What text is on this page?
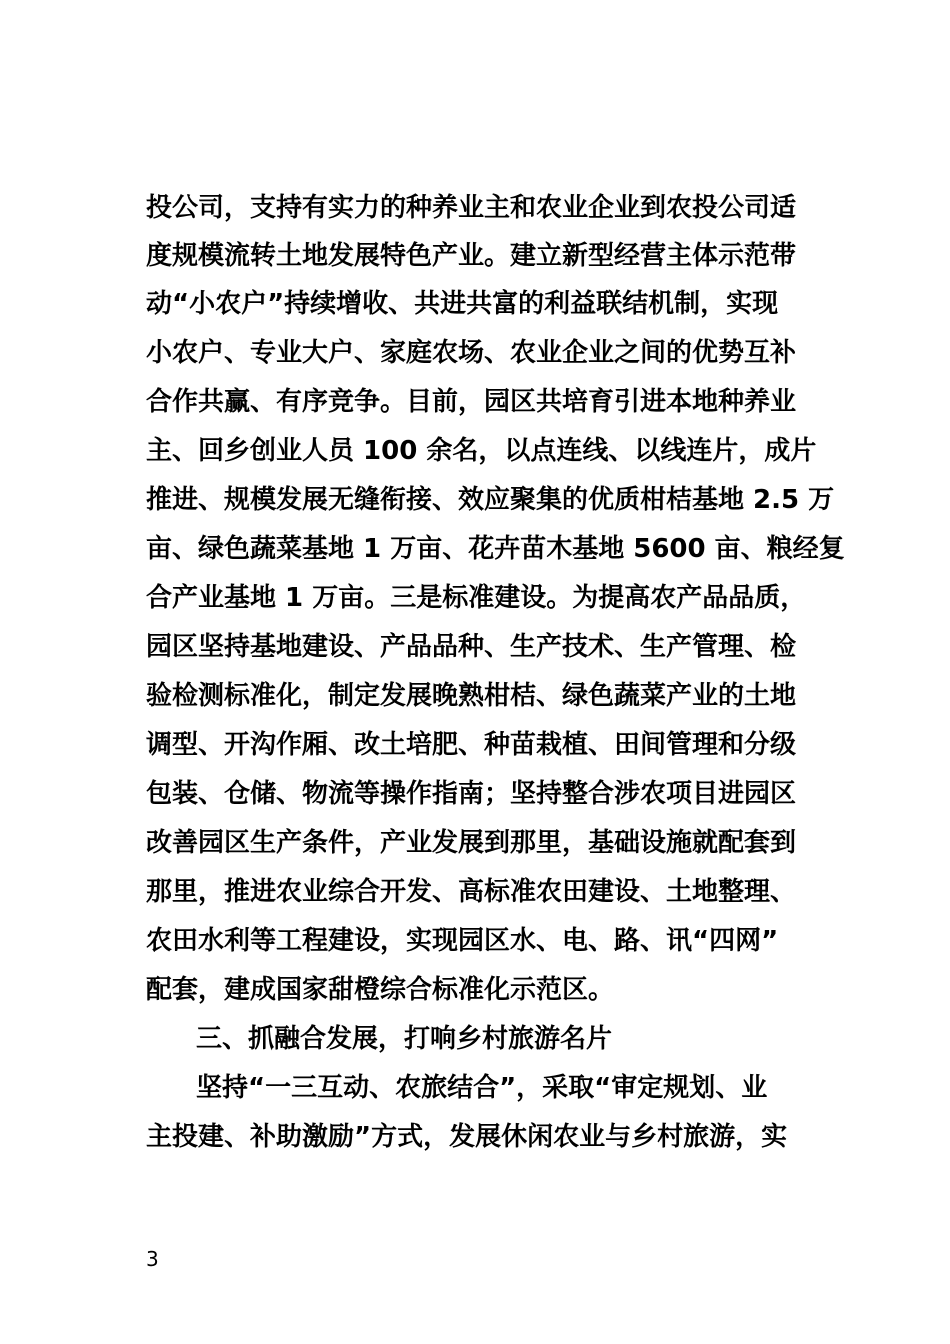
投公司，支持有实力的种养业主和农业企业到农投公司适
度规模流转土地发展特色产业。建立新型经营主体示范带
动“小农户”持续增收、共进共富的利益联结机制，实现
小农户、专业大户、家庭农场、农业企业之间的优势互补
合作共赢、有序竞争。目前，园区共培育引进本地种养业
主、回乡创业人员 100 余名，以点连线、以线连片，成片
推进、规模发展无缝衔接、效应聚集的优质柑桔基地 2.5 万
亩、绿色蔬菜基地 1 万亩、花卉苗木基地 5600 亩、粮经复
合产业基地 1 万亩。三是标准建设。为提高农产品品质，
园区坚持基地建设、产品品种、生产技术、生产管理、检
验检测标准化，制定发展晚熟柑桔、绿色蔬菜产业的土地
调型、开沟作厢、改土培肥、种苗栽植、田间管理和分级
包装、仓储、物流等操作指南；坚持整合涉农项目进园区
改善园区生产条件，产业发展到那里，基础设施就配套到
那里，推进农业综合开发、高标准农田建设、土地整理、
农田水利等工程建设，实现园区水、电、路、讯“四网”
配套，建成国家甜橙综合标准化示范区。
三、抓融合发展，打响乡村旅游名片
坚持“一三互动、农旅结合”，采取“审定规划、业
主投建、补助激励”方式，发展休闲农业与乡村旅游，实
3
